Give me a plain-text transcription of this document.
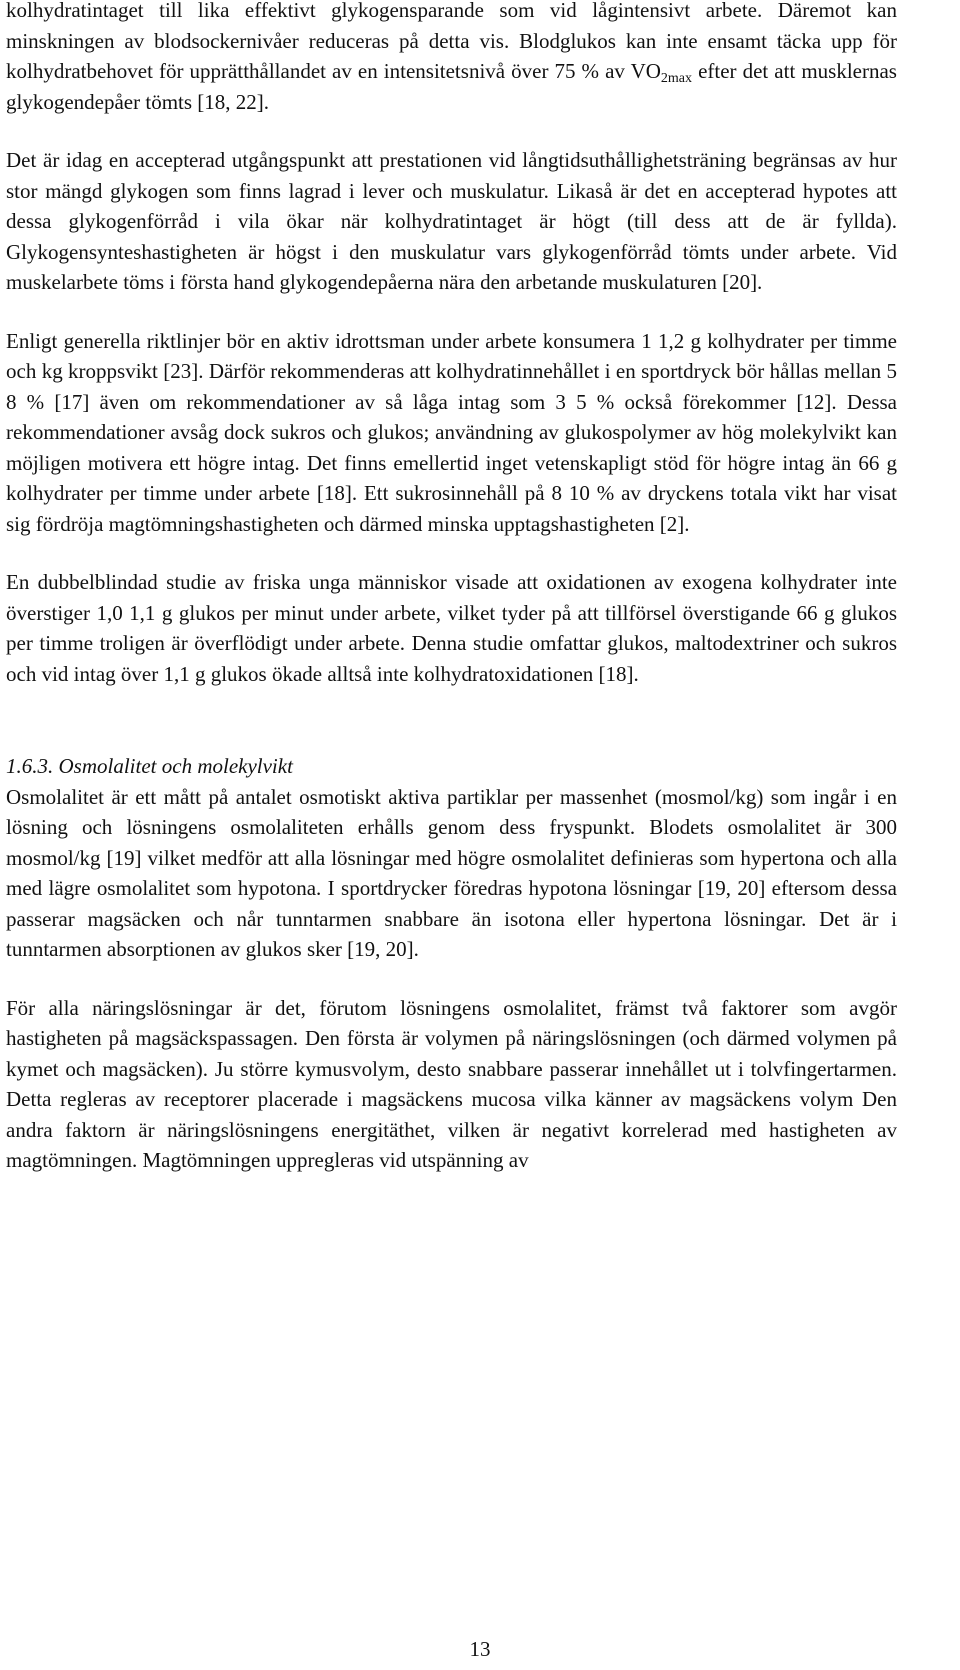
kolhydratintaget till lika effektivt glykogensparande som vid lågintensivt arbete. Däremot kan minskningen av blodsockernivåer reduceras på detta vis. Blodglukos kan inte ensamt täcka upp för kolhydratbehovet för upprätthållandet av en intensitetsnivå över 75 % av $VO_{2max}$ efter det att musklernas glykogendepåer tömts [18, 22].

Det är idag en accepterad utgångspunkt att prestationen vid långtidsuthållighetsträning begränsas av hur stor mängd glykogen som finns lagrad i lever och muskulatur. Likaså är det en accepterad hypotes att dessa glykogenförråd i vila ökar när kolhydratintaget är högt (till dess att de är fyllda). Glykogensynteshastigheten är högst i den muskulatur vars glykogenförråd tömts under arbete. Vid muskelarbete töms i första hand glykogendepåerna nära den arbetande muskulaturen [20].

Enligt generella riktlinjer bör en aktiv idrottsman under arbete konsumera 1 1,2 g kolhydrater per timme och kg kroppsvikt [23]. Därför rekommenderas att kolhydratinnehållet i en sportdryck bör hållas mellan 5 8 % [17] även om rekommendationer av så låga intag som 3 5 % också förekommer [12]. Dessa rekommendationer avsåg dock sukros och glukos; användning av glukospolymer av hög molekylvikt kan möjligen motivera ett högre intag. Det finns emellertid inget vetenskapligt stöd för högre intag än 66 g kolhydrater per timme under arbete [18]. Ett sukrosinnehåll på 8 10 % av dryckens totala vikt har visat sig fördröja magtömningshastigheten och därmed minska upptagshastigheten [2].

En dubbelblindad studie av friska unga människor visade att oxidationen av exogena kolhydrater inte överstiger 1,0 1,1 g glukos per minut under arbete, vilket tyder på att tillförsel överstigande 66 g glukos per timme troligen är överflödigt under arbete. Denna studie omfattar glukos, maltodextriner och sukros och vid intag över 1,1 g glukos ökade alltså inte kolhydratoxidationen [18].

1.6.3. Osmolalitet och molekylvikt

Osmolalitet är ett mått på antalet osmotiskt aktiva partiklar per massenhet (mosmol/kg) som ingår i en lösning och lösningens osmolaliteten erhålls genom dess fryspunkt. Blodets osmolalitet är 300 mosmol/kg [19] vilket medför att alla lösningar med högre osmolalitet definieras som hypertona och alla med lägre osmolalitet som hypotona. I sportdrycker föredras hypotona lösningar [19, 20] eftersom dessa passerar magsäcken och når tunntarmen snabbare än isotona eller hypertona lösningar. Det är i tunntarmen absorptionen av glukos sker [19, 20].

För alla näringslösningar är det, förutom lösningens osmolalitet, främst två faktorer som avgör hastigheten på magsäckspassagen. Den första är volymen på näringslösningen (och därmed volymen på kymet och magsäcken). Ju större kymusvolym, desto snabbare passerar innehållet ut i tolvfingertarmen. Detta regleras av receptorer placerade i magsäckens mucosa vilka känner av magsäckens volym Den andra faktorn är näringslösningens energitäthet, vilken är negativt korrelerad med hastigheten av magtömningen. Magtömningen uppregleras vid utspänning av

13
